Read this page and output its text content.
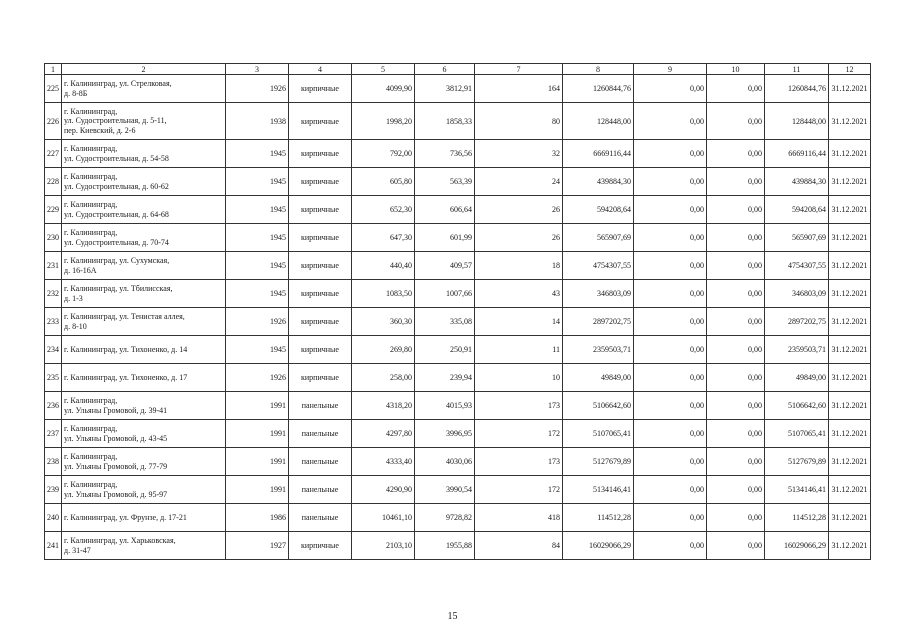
1	2	3	4	5	6	7	8	9	10	11	12
225	г. Калининград, ул. Стрелковая,
д. 8-8Б	1926	кирпичные	4099,90	3812,91	164	1260844,76	0,00	0,00	1260844,76	31.12.2021
226	г. Калининград,
ул. Судостроительная, д. 5-11,
пер. Киевский, д. 2-6	1938	кирпичные	1998,20	1858,33	80	128448,00	0,00	0,00	128448,00	31.12.2021
227	г. Калининград,
ул. Судостроительная, д. 54-58	1945	кирпичные	792,00	736,56	32	6669116,44	0,00	0,00	6669116,44	31.12.2021
228	г. Калининград,
ул. Судостроительная, д. 60-62	1945	кирпичные	605,80	563,39	24	439884,30	0,00	0,00	439884,30	31.12.2021
229	г. Калининград,
ул. Судостроительная, д. 64-68	1945	кирпичные	652,30	606,64	26	594208,64	0,00	0,00	594208,64	31.12.2021
230	г. Калининград,
ул. Судостроительная, д. 70-74	1945	кирпичные	647,30	601,99	26	565907,69	0,00	0,00	565907,69	31.12.2021
231	г. Калининград, ул. Сухумская,
д. 16-16А	1945	кирпичные	440,40	409,57	18	4754307,55	0,00	0,00	4754307,55	31.12.2021
232	г. Калининград, ул. Тбилисская,
д. 1-3	1945	кирпичные	1083,50	1007,66	43	346803,09	0,00	0,00	346803,09	31.12.2021
233	г. Калининград, ул. Тенистая аллея,
д. 8-10	1926	кирпичные	360,30	335,08	14	2897202,75	0,00	0,00	2897202,75	31.12.2021
234	г. Калининград, ул. Тихоненко, д. 14	1945	кирпичные	269,80	250,91	11	2359503,71	0,00	0,00	2359503,71	31.12.2021
235	г. Калининград, ул. Тихоненко, д. 17	1926	кирпичные	258,00	239,94	10	49849,00	0,00	0,00	49849,00	31.12.2021
236	г. Калининград,
ул. Ульяны Громовой, д. 39-41	1991	панельные	4318,20	4015,93	173	5106642,60	0,00	0,00	5106642,60	31.12.2021
237	г. Калининград,
ул. Ульяны Громовой, д. 43-45	1991	панельные	4297,80	3996,95	172	5107065,41	0,00	0,00	5107065,41	31.12.2021
238	г. Калининград,
ул. Ульяны Громовой, д. 77-79	1991	панельные	4333,40	4030,06	173	5127679,89	0,00	0,00	5127679,89	31.12.2021
239	г. Калининград,
ул. Ульяны Громовой, д. 95-97	1991	панельные	4290,90	3990,54	172	5134146,41	0,00	0,00	5134146,41	31.12.2021
240	г. Калининград, ул. Фрунзе, д. 17-21	1986	панельные	10461,10	9728,82	418	114512,28	0,00	0,00	114512,28	31.12.2021
241	г. Калининград, ул. Харьковская,
д. 31-47	1927	кирпичные	2103,10	1955,88	84	16029066,29	0,00	0,00	16029066,29	31.12.2021
15
